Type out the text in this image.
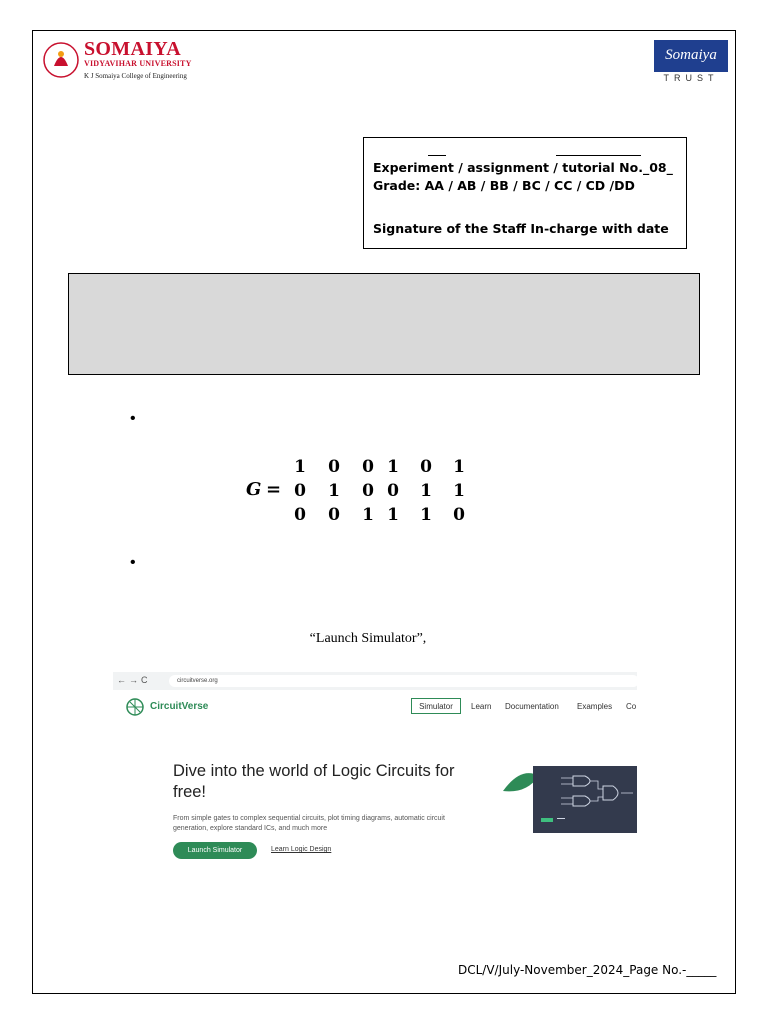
SOMAIYA
VIDYAVIHAR UNIVERSITY
K J Somaiya College of Engineering
Somaiya
TRUST
Experiment / assignment / tutorial No._08_
Grade: AA / AB / BB / BC / CC / CD /DD
Signature of the Staff In-charge with date
•
•
G =
1 0 0 1 0 1
0 1 0 0 1 1
0 0 1 1 1 0
“Launch Simulator”,
←→C	circuitverse.org
CircuitVerse	Simulator	Learn Documentation Examples Co
Dive into the world of Logic Circuits for free!
From simple gates to complex sequential circuits, plot timing diagrams, automatic circuit generation, explore standard ICs, and much more
Launch Simulator	Learn Logic Design
DCL/V/July-November_2024_Page No.-_____
